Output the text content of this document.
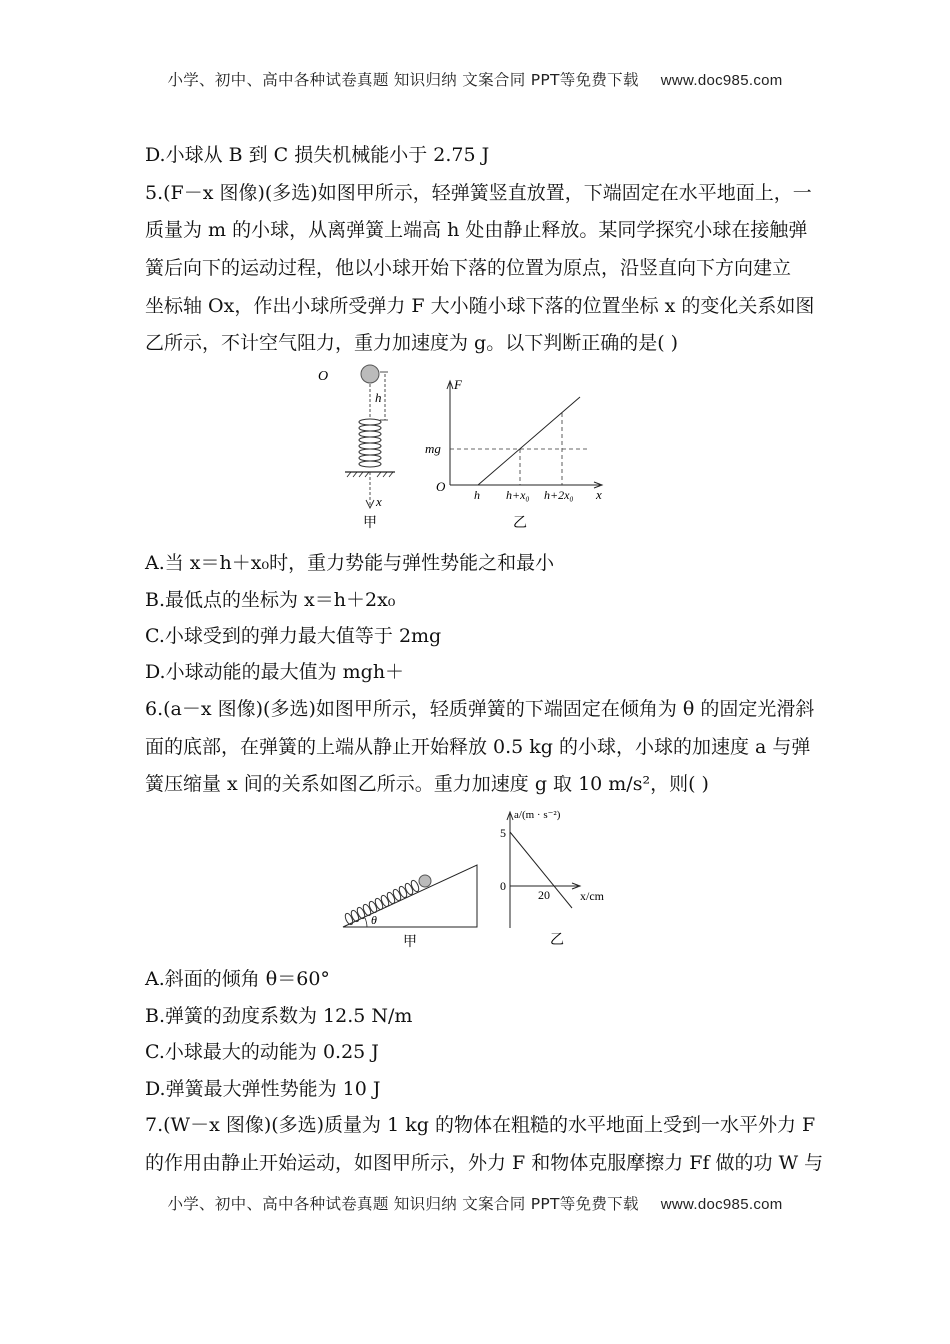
小学、初中、高中各种试卷真题 知识归纳 文案合同 PPT等免费下载 www.doc985.com
D.小球从 B 到 C 损失机械能小于 2.75 J
5.(F－x 图像)(多选)如图甲所示，轻弹簧竖直放置，下端固定在水平地面上，一
质量为 m 的小球，从离弹簧上端高 h 处由静止释放。某同学探究小球在接触弹
簧后向下的运动过程，他以小球开始下落的位置为原点，沿竖直向下方向建立
坐标轴 Ox，作出小球所受弹力 F 大小随小球下落的位置坐标 x 的变化关系如图
乙所示，不计空气阻力，重力加速度为 g。以下判断正确的是( )
O
h
x
甲
F
mg
O
x
h h+x₀ h+2x₀
乙
A.当 x＝h＋x₀时，重力势能与弹性势能之和最小
B.最低点的坐标为 x＝h＋2x₀
C.小球受到的弹力最大值等于 2mg
D.小球动能的最大值为 mgh＋
6.(a－x 图像)(多选)如图甲所示，轻质弹簧的下端固定在倾角为 θ 的固定光滑斜
面的底部，在弹簧的上端从静止开始释放 0.5 kg 的小球，小球的加速度 a 与弹
簧压缩量 x 间的关系如图乙所示。重力加速度 g 取 10 m/s²，则( )
θ
甲
a/(m · s⁻²)
5
0
20	x/cm
乙
A.斜面的倾角 θ＝60°
B.弹簧的劲度系数为 12.5 N/m
C.小球最大的动能为 0.25 J
D.弹簧最大弹性势能为 10 J
7.(W－x 图像)(多选)质量为 1 kg 的物体在粗糙的水平地面上受到一水平外力 F
的作用由静止开始运动，如图甲所示，外力 F 和物体克服摩擦力 Ff 做的功 W 与
小学、初中、高中各种试卷真题 知识归纳 文案合同 PPT等免费下载 www.doc985.com
